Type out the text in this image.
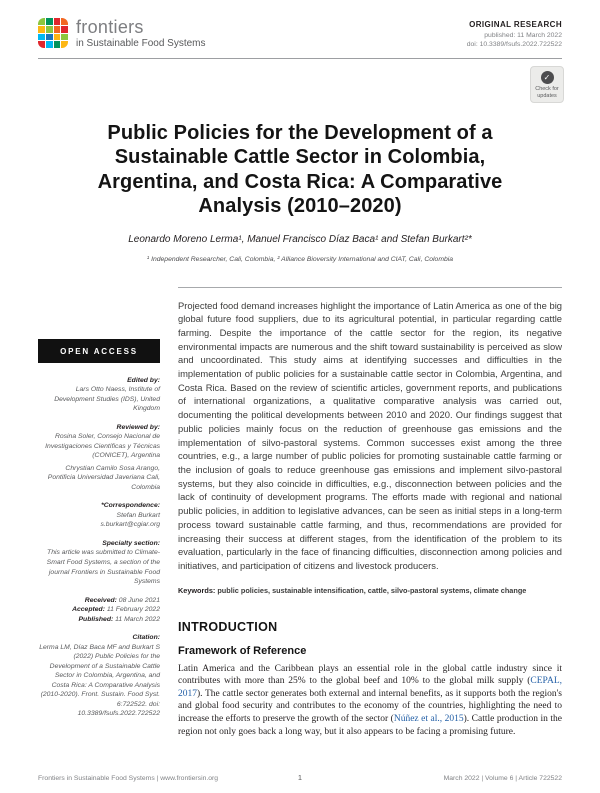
frontiers
in Sustainable Food Systems
ORIGINAL RESEARCH
published: 11 March 2022
doi: 10.3389/fsufs.2022.722522
✓
Check for updates
Public Policies for the Development of a Sustainable Cattle Sector in Colombia, Argentina, and Costa Rica: A Comparative Analysis (2010–2020)
Leonardo Moreno Lerma¹, Manuel Francisco Díaz Baca¹ and Stefan Burkart²*
¹ Independent Researcher, Cali, Colombia, ² Alliance Bioversity International and CIAT, Cali, Colombia
OPEN ACCESS
Edited by:
Lars Otto Naess, Institute of Development Studies (IDS), United Kingdom
Reviewed by:
Rosina Soler, Consejo Nacional de Investigaciones Científicas y Técnicas (CONICET), Argentina
Chrystian Camilo Sosa Arango, Pontificia Universidad Javeriana Cali, Colombia
*Correspondence:
Stefan Burkart
s.burkart@cgiar.org
Specialty section:
This article was submitted to Climate-Smart Food Systems, a section of the journal Frontiers in Sustainable Food Systems
Received: 08 June 2021
Accepted: 11 February 2022
Published: 11 March 2022
Citation:
Lerma LM, Díaz Baca MF and Burkart S (2022) Public Policies for the Development of a Sustainable Cattle Sector in Colombia, Argentina, and Costa Rica: A Comparative Analysis (2010-2020). Front. Sustain. Food Syst. 6:722522. doi: 10.3389/fsufs.2022.722522

Projected food demand increases highlight the importance of Latin America as one of the big global future food suppliers, due to its agricultural potential, in particular regarding cattle farming. Despite the importance of the cattle sector for the region, its negative environmental impacts are numerous and the shift toward sustainability is perceived as slow and uncoordinated. This study aims at identifying successes and difficulties in the implementation of public policies for a sustainable cattle sector in Colombia, Argentina, and Costa Rica. Based on the review of scientific articles, government reports, and publications of international organizations, a qualitative comparative analysis was carried out, documenting the political developments between 2010 and 2020. Our findings suggest that public policies mainly focus on the reduction of greenhouse gas emissions and the implementation of silvo-pastoral systems. Common successes exist among the three countries, e.g., a large number of public policies for promoting sustainable cattle farming or the inclusion of goals to reduce greenhouse gas emissions and implement silvo-pastoral systems, but they also coincide in difficulties, e.g., disconnection between policies and the lack of continuity of development programs. The efforts made with regional and national public policies, in addition to legislative advances, can be seen as initial steps in a long-term process toward sustainable cattle farming, and thus, recommendations are provided for increasing their success at different stages, from the identification of the problem to its evaluation, particularly in the face of financing difficulties, disconnection among policies and initiatives, and participation of citizens and livestock producers.

Keywords: public policies, sustainable intensification, cattle, silvo-pastoral systems, climate change

INTRODUCTION
Framework of Reference

Latin America and the Caribbean plays an essential role in the global cattle industry since it contributes with more than 25% to the global beef and 10% to the global milk supply (CEPAL, 2017). The cattle sector generates both external and internal benefits, as it supports both the region's and global food security and contributes to the economy of the countries, highlighting the need to increase the efforts to preserve the growth of the sector (Núñez et al., 2015). Cattle production in the region not only goes back a long way, but it also appears to be facing a promising future.

Frontiers in Sustainable Food Systems | www.frontiersin.org	1	March 2022 | Volume 6 | Article 722522
